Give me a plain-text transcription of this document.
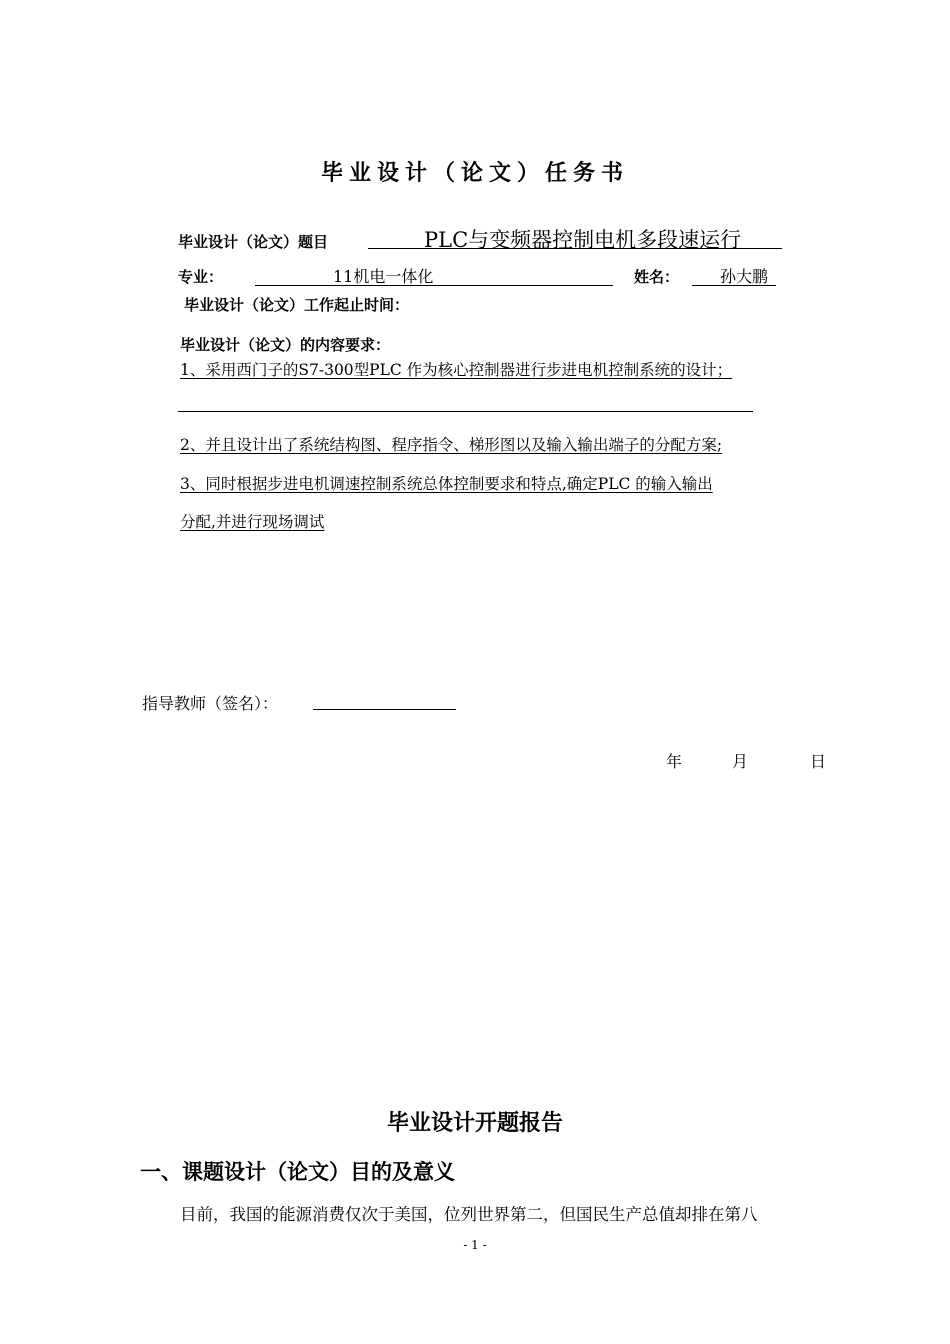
毕业设计（论文）任务书
毕业设计（论文）题目	PLC与变频器控制电机多段速运行
专业：	11机电一体化	姓名：	孙大鹏
毕业设计（论文）工作起止时间：
毕业设计（论文）的内容要求：
1、采用西门子的S7-300型PLC 作为核心控制器进行步进电机控制系统的设计；
2、并且设计出了系统结构图、程序指令、梯形图以及输入输出端子的分配方案;
3、同时根据步进电机调速控制系统总体控制要求和特点,确定PLC 的输入输出
分配,并进行现场调试
指导教师（签名）：
年	月	日
毕业设计开题报告
一、课题设计（论文）目的及意义
目前，我国的能源消费仅次于美国，位列世界第二，但国民生产总值却排在第八
- 1 -
